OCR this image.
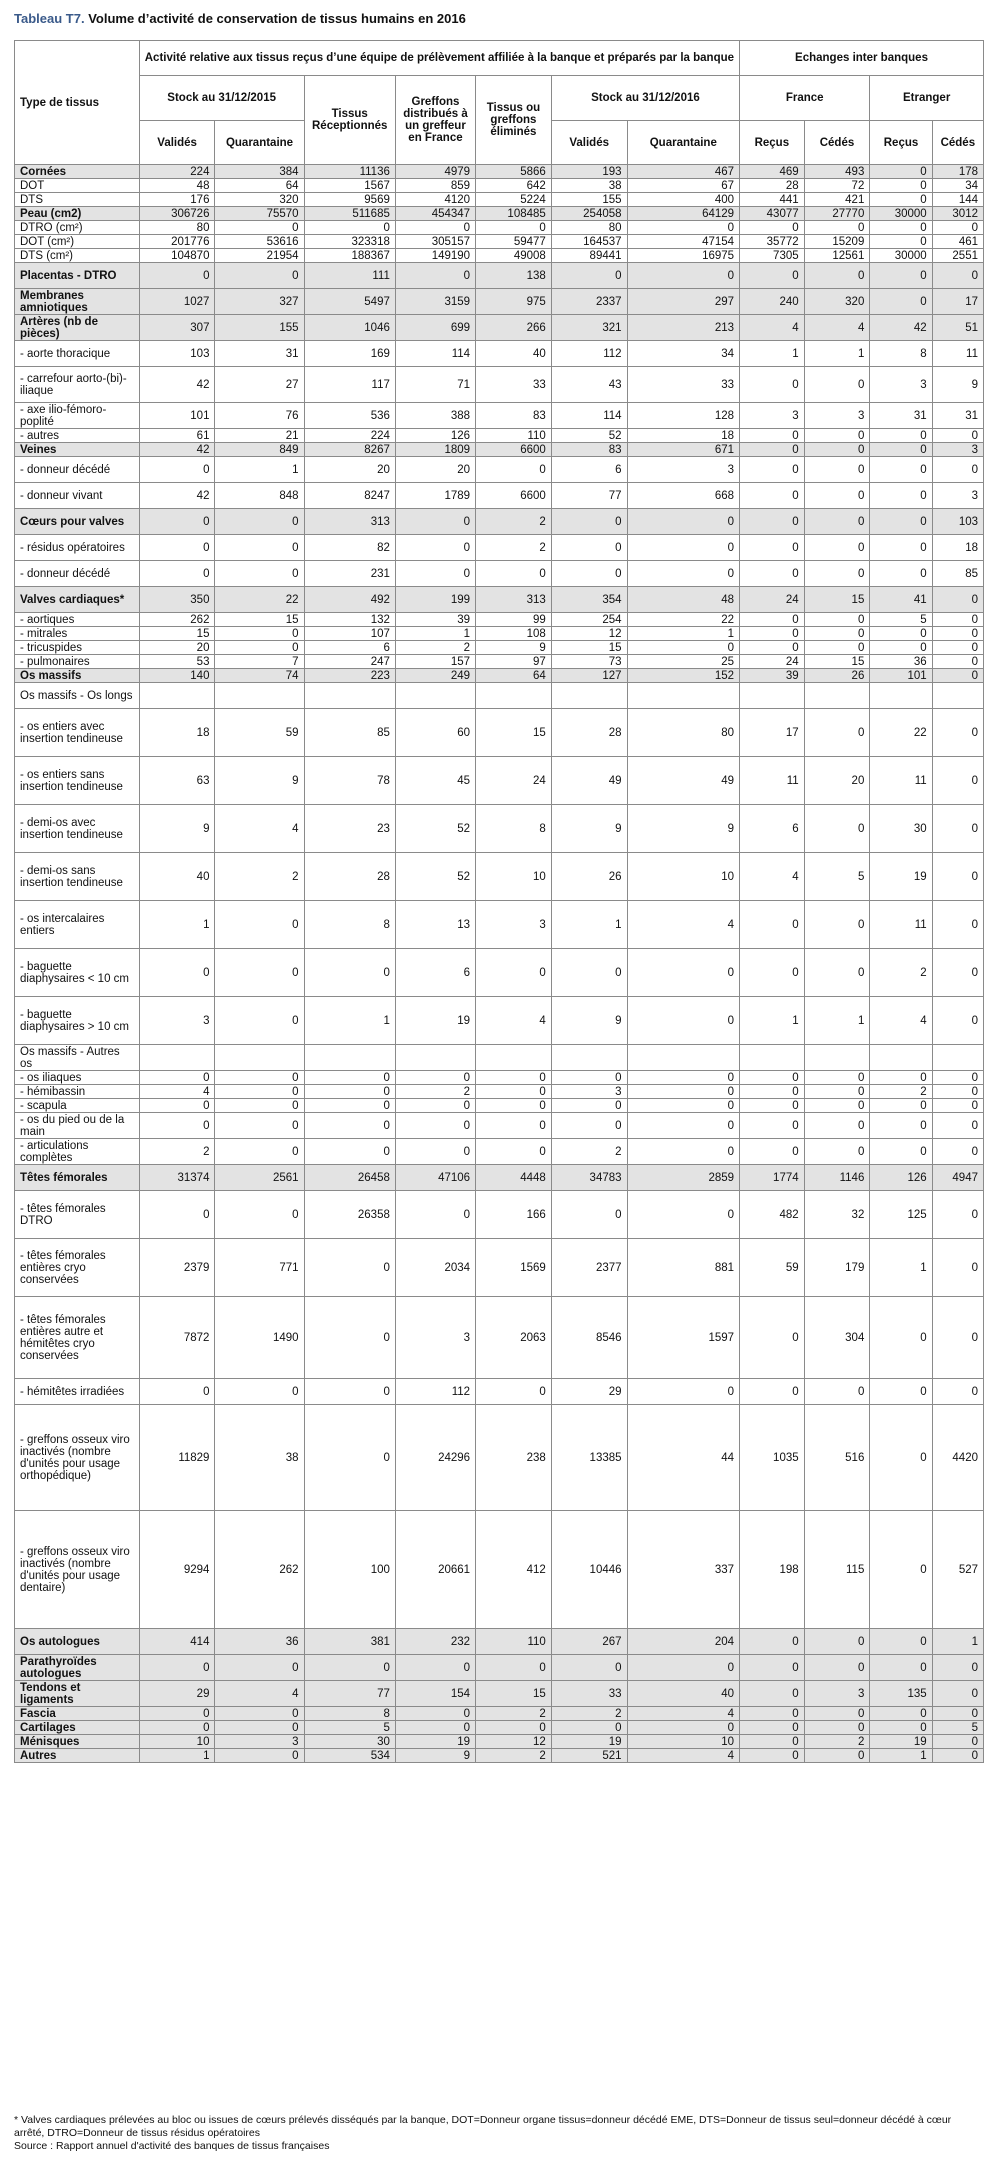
Tableau T7. Volume d’activité de conservation de tissus humains en 2016
Type de tissus	Activité relative aux tissus reçus d’une équipe de prélèvement affiliée à la banque et préparés par la banque							Echanges inter banques			
	Stock au 31/12/2015		Tissus Réceptionnés	Greffons distribués à un greffeur en France	Tissus ou greffons éliminés	Stock au 31/12/2016		France		Etranger	
	Validés	Quarantaine				Validés	Quarantaine	Reçus	Cédés	Reçus	Cédés
Cornées	224	384	11136	4979	5866	193	467	469	493	0	178
DOT	48	64	1567	859	642	38	67	28	72	0	34
DTS	176	320	9569	4120	5224	155	400	441	421	0	144
Peau (cm2)	306726	75570	511685	454347	108485	254058	64129	43077	27770	30000	3012
DTRO (cm²)	80	0	0	0	0	80	0	0	0	0	0
DOT (cm²)	201776	53616	323318	305157	59477	164537	47154	35772	15209	0	461
DTS (cm²)	104870	21954	188367	149190	49008	89441	16975	7305	12561	30000	2551
Placentas - DTRO	0	0	111	0	138	0	0	0	0	0	0
Membranes amniotiques	1027	327	5497	3159	975	2337	297	240	320	0	17
Artères (nb de pièces)	307	155	1046	699	266	321	213	4	4	42	51
- aorte thoracique	103	31	169	114	40	112	34	1	1	8	11
- carrefour aorto-(bi)-iliaque	42	27	117	71	33	43	33	0	0	3	9
- axe ilio-fémoro-poplité	101	76	536	388	83	114	128	3	3	31	31
- autres	61	21	224	126	110	52	18	0	0	0	0
Veines	42	849	8267	1809	6600	83	671	0	0	0	3
- donneur décédé	0	1	20	20	0	6	3	0	0	0	0
- donneur vivant	42	848	8247	1789	6600	77	668	0	0	0	3
Cœurs pour valves	0	0	313	0	2	0	0	0	0	0	103
- résidus opératoires	0	0	82	0	2	0	0	0	0	0	18
- donneur décédé	0	0	231	0	0	0	0	0	0	0	85
Valves cardiaques*	350	22	492	199	313	354	48	24	15	41	0
- aortiques	262	15	132	39	99	254	22	0	0	5	0
- mitrales	15	0	107	1	108	12	1	0	0	0	0
- tricuspides	20	0	6	2	9	15	0	0	0	0	0
- pulmonaires	53	7	247	157	97	73	25	24	15	36	0
Os massifs	140	74	223	249	64	127	152	39	26	101	0
Os massifs - Os longs											
- os entiers avec insertion tendineuse	18	59	85	60	15	28	80	17	0	22	0
- os entiers sans insertion tendineuse	63	9	78	45	24	49	49	11	20	11	0
- demi-os avec insertion tendineuse	9	4	23	52	8	9	9	6	0	30	0
- demi-os sans insertion tendineuse	40	2	28	52	10	26	10	4	5	19	0
- os intercalaires entiers	1	0	8	13	3	1	4	0	0	11	0
- baguette diaphysaires < 10 cm	0	0	0	6	0	0	0	0	0	2	0
- baguette diaphysaires > 10 cm	3	0	1	19	4	9	0	1	1	4	0
Os massifs - Autres os											
- os iliaques	0	0	0	0	0	0	0	0	0	0	0
- hémibassin	4	0	0	2	0	3	0	0	0	2	0
- scapula	0	0	0	0	0	0	0	0	0	0	0
- os du pied ou de la main	0	0	0	0	0	0	0	0	0	0	0
- articulations complètes	2	0	0	0	0	2	0	0	0	0	0
Têtes fémorales	31374	2561	26458	47106	4448	34783	2859	1774	1146	126	4947
- têtes fémorales DTRO	0	0	26358	0	166	0	0	482	32	125	0
- têtes fémorales entières cryo conservées	2379	771	0	2034	1569	2377	881	59	179	1	0
- têtes fémorales entières autre et hémitêtes cryo conservées	7872	1490	0	3	2063	8546	1597	0	304	0	0
- hémitêtes irradiées	0	0	0	112	0	29	0	0	0	0	0
- greffons osseux viro inactivés (nombre d'unités pour usage orthopédique)	11829	38	0	24296	238	13385	44	1035	516	0	4420
- greffons osseux viro inactivés (nombre d'unités pour usage dentaire)	9294	262	100	20661	412	10446	337	198	115	0	527
Os autologues	414	36	381	232	110	267	204	0	0	0	1
Parathyroïdes autologues	0	0	0	0	0	0	0	0	0	0	0
Tendons et ligaments	29	4	77	154	15	33	40	0	3	135	0
Fascia	0	0	8	0	2	2	4	0	0	0	0
Cartilages	0	0	5	0	0	0	0	0	0	0	5
Ménisques	10	3	30	19	12	19	10	0	2	19	0
Autres	1	0	534	9	2	521	4	0	0	1	0
* Valves cardiaques prélevées au bloc ou issues de cœurs prélevés disséqués par la banque, DOT=Donneur organe tissus=donneur décédé EME, DTS=Donneur de tissus seul=donneur décédé à cœur arrêté, DTRO=Donneur de tissus résidus opératoires
Source : Rapport annuel d'activité des banques de tissus françaises
